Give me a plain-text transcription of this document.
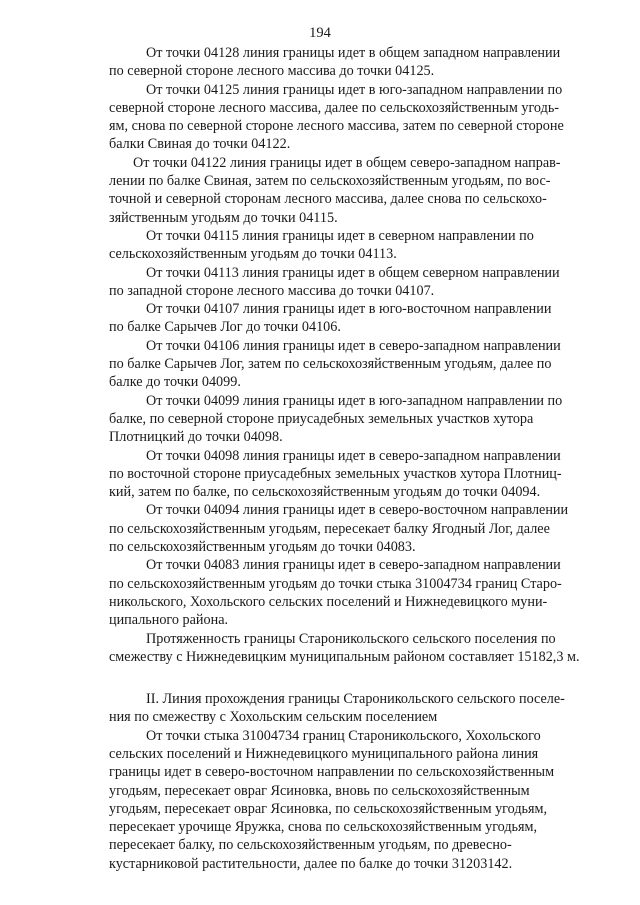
194

От точки 04128 линия границы идет в общем западном направлении
по северной стороне лесного массива до точки 04125.

От точки 04125 линия границы идет в юго-западном направлении по
северной стороне лесного массива, далее по сельскохозяйственным угодь-
ям, снова по северной стороне лесного массива, затем по северной стороне
балки Свиная до точки 04122.

От точки 04122 линия границы идет в общем северо-западном направ-
лении по балке Свиная, затем по сельскохозяйственным угодьям, по вос-
точной и северной сторонам лесного массива, далее снова по сельскохо-
зяйственным угодьям до точки 04115.

От точки 04115 линия границы идет в северном направлении по
сельскохозяйственным угодьям до точки 04113.

От точки 04113 линия границы идет в общем северном направлении
по западной стороне лесного массива до точки 04107.

От точки 04107 линия границы идет в юго-восточном направлении
по балке Сарычев Лог до точки 04106.

От точки 04106 линия границы идет в северо-западном направлении
по балке Сарычев Лог, затем по сельскохозяйственным угодьям, далее по
балке до точки 04099.

От точки 04099 линия границы идет в юго-западном направлении по
балке, по северной стороне приусадебных земельных участков хутора
Плотницкий до точки 04098.

От точки 04098 линия границы идет в северо-западном направлении
по восточной стороне приусадебных земельных участков хутора Плотниц-
кий, затем по балке, по сельскохозяйственным угодьям до точки 04094.

От точки 04094 линия границы идет в северо-восточном направлении
по сельскохозяйственным угодьям, пересекает балку Ягодный Лог, далее
по сельскохозяйственным угодьям до точки 04083.

От точки 04083 линия границы идет в северо-западном направлении
по сельскохозяйственным угодьям до точки стыка 31004734 границ Старо-
никольского, Хохольского сельских поселений и Нижнедевицкого муни-
ципального района.

Протяженность границы Староникольского сельского поселения по
смежеству с Нижнедевицким муниципальным районом составляет 15182,3 м.

II. Линия прохождения границы Староникольского сельского поселе-
ния по смежеству с Хохольским сельским поселением

От точки стыка 31004734 границ Староникольского, Хохольского
сельских поселений и Нижнедевицкого муниципального района линия
границы идет в северо-восточном направлении по сельскохозяйственным
угодьям, пересекает овраг Ясиновка, вновь по сельскохозяйственным
угодьям, пересекает овраг Ясиновка, по сельскохозяйственным угодьям,
пересекает урочище Яружка, снова по сельскохозяйственным угодьям,
пересекает балку, по сельскохозяйственным угодьям, по древесно-
кустарниковой растительности, далее по балке до точки 31203142.
